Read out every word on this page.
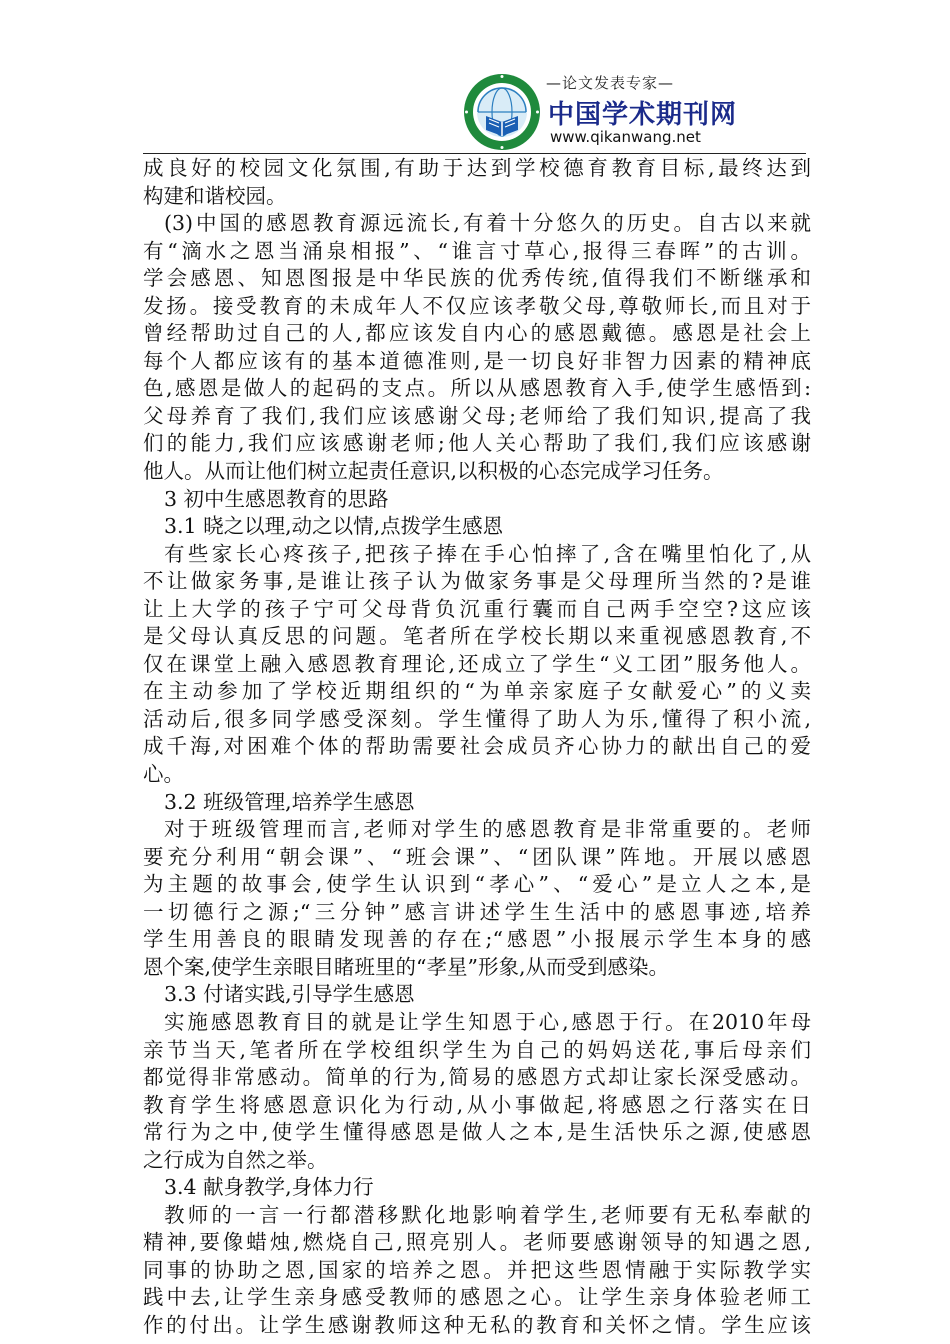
—论文发表专家—
中国学术期刊网
www.qikanwang.net
成良好的校园文化氛围,有助于达到学校德育教育目标,最终达到
构建和谐校园。
(3)中国的感恩教育源远流长,有着十分悠久的历史。自古以来就
有“滴水之恩当涌泉相报”、“谁言寸草心,报得三春晖”的古训。
学会感恩、知恩图报是中华民族的优秀传统,值得我们不断继承和
发扬。接受教育的未成年人不仅应该孝敬父母,尊敬师长,而且对于
曾经帮助过自己的人,都应该发自内心的感恩戴德。感恩是社会上
每个人都应该有的基本道德准则,是一切良好非智力因素的精神底
色,感恩是做人的起码的支点。所以从感恩教育入手,使学生感悟到:
父母养育了我们,我们应该感谢父母;老师给了我们知识,提高了我
们的能力,我们应该感谢老师;他人关心帮助了我们,我们应该感谢
他人。从而让他们树立起责任意识,以积极的心态完成学习任务。
3 初中生感恩教育的思路
3.1 晓之以理,动之以情,点拨学生感恩
有些家长心疼孩子,把孩子捧在手心怕摔了,含在嘴里怕化了,从
不让做家务事,是谁让孩子认为做家务事是父母理所当然的?是谁
让上大学的孩子宁可父母背负沉重行囊而自己两手空空?这应该
是父母认真反思的问题。笔者所在学校长期以来重视感恩教育,不
仅在课堂上融入感恩教育理论,还成立了学生“义工团”服务他人。
在主动参加了学校近期组织的“为单亲家庭子女献爱心”的义卖
活动后,很多同学感受深刻。学生懂得了助人为乐,懂得了积小流,
成千海,对困难个体的帮助需要社会成员齐心协力的献出自己的爱
心。
3.2 班级管理,培养学生感恩
对于班级管理而言,老师对学生的感恩教育是非常重要的。老师
要充分利用“朝会课”、“班会课”、“团队课”阵地。开展以感恩
为主题的故事会,使学生认识到“孝心”、“爱心”是立人之本,是
一切德行之源;“三分钟”感言讲述学生生活中的感恩事迹,培养
学生用善良的眼睛发现善的存在;“感恩”小报展示学生本身的感
恩个案,使学生亲眼目睹班里的“孝星”形象,从而受到感染。
3.3 付诸实践,引导学生感恩
实施感恩教育目的就是让学生知恩于心,感恩于行。在2010年母
亲节当天,笔者所在学校组织学生为自己的妈妈送花,事后母亲们
都觉得非常感动。简单的行为,简易的感恩方式却让家长深受感动。
教育学生将感恩意识化为行动,从小事做起,将感恩之行落实在日
常行为之中,使学生懂得感恩是做人之本,是生活快乐之源,使感恩
之行成为自然之举。
3.4 献身教学,身体力行
教师的一言一行都潜移默化地影响着学生,老师要有无私奉献的
精神,要像蜡烛,燃烧自己,照亮别人。老师要感谢领导的知遇之恩,
同事的协助之恩,国家的培养之恩。并把这些恩情融于实际教学实
践中去,让学生亲身感受教师的感恩之心。让学生亲身体验老师工
作的付出。让学生感谢教师这种无私的教育和关怀之情。学生应该
